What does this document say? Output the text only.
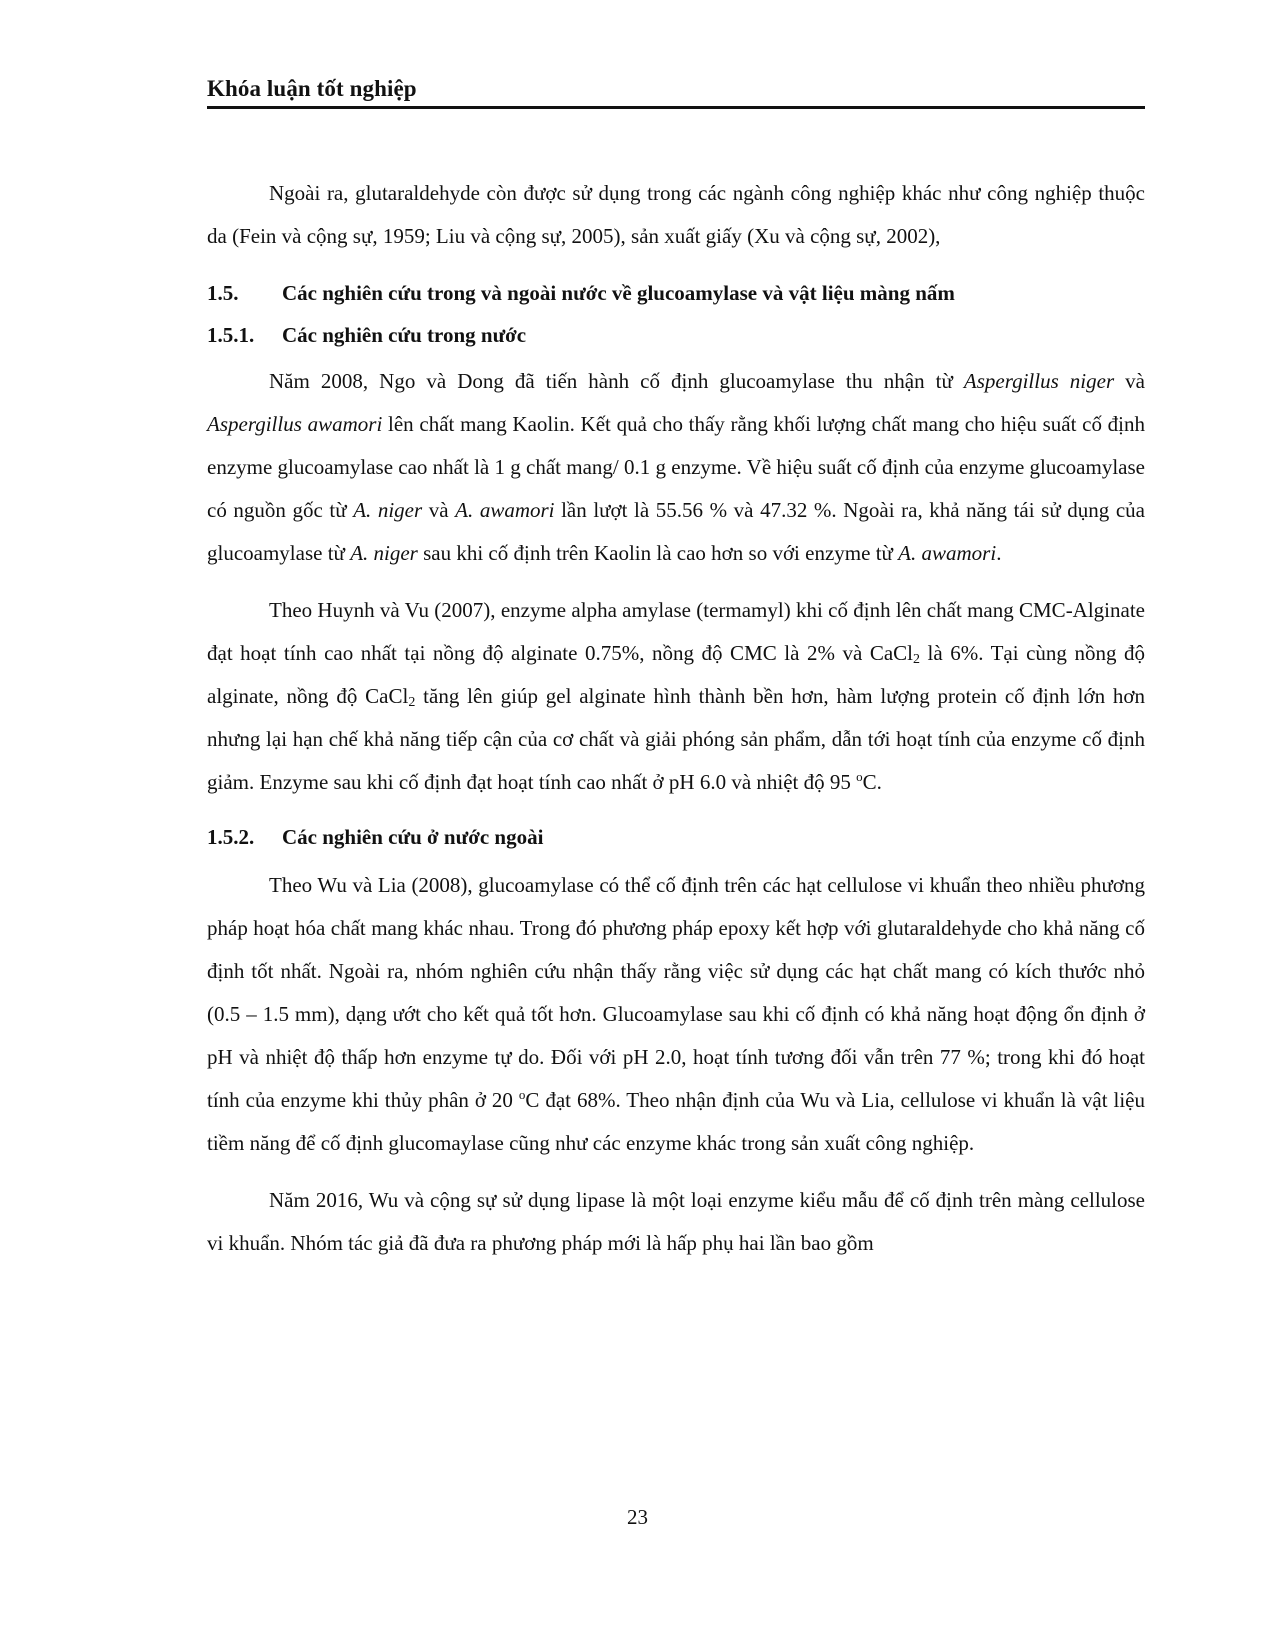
Khóa luận tốt nghiệp

Ngoài ra, glutaraldehyde còn được sử dụng trong các ngành công nghiệp khác như công nghiệp thuộc da (Fein và cộng sự, 1959; Liu và cộng sự, 2005), sản xuất giấy (Xu và cộng sự, 2002),

1.5.	Các nghiên cứu trong và ngoài nước về glucoamylase và vật liệu màng nấm
1.5.1.	Các nghiên cứu trong nước

Năm 2008, Ngo và Dong đã tiến hành cố định glucoamylase thu nhận từ Aspergillus niger và Aspergillus awamori lên chất mang Kaolin. Kết quả cho thấy rằng khối lượng chất mang cho hiệu suất cố định enzyme glucoamylase cao nhất là 1 g chất mang/ 0.1 g enzyme. Về hiệu suất cố định của enzyme glucoamylase có nguồn gốc từ A. niger và A. awamori lần lượt là 55.56 % và 47.32 %. Ngoài ra, khả năng tái sử dụng của glucoamylase từ A. niger sau khi cố định trên Kaolin là cao hơn so với enzyme từ A. awamori.

Theo Huynh và Vu (2007), enzyme alpha amylase (termamyl) khi cố định lên chất mang CMC-Alginate đạt hoạt tính cao nhất tại nồng độ alginate 0.75%, nồng độ CMC là 2% và CaCl$_2$ là 6%. Tại cùng nồng độ alginate, nồng độ CaCl$_2$ tăng lên giúp gel alginate hình thành bền hơn, hàm lượng protein cố định lớn hơn nhưng lại hạn chế khả năng tiếp cận của cơ chất và giải phóng sản phẩm, dẫn tới hoạt tính của enzyme cố định giảm. Enzyme sau khi cố định đạt hoạt tính cao nhất ở pH 6.0 và nhiệt độ 95 $^o$C.

1.5.2.	Các nghiên cứu ở nước ngoài

Theo Wu và Lia (2008), glucoamylase có thể cố định trên các hạt cellulose vi khuẩn theo nhiều phương pháp hoạt hóa chất mang khác nhau. Trong đó phương pháp epoxy kết hợp với glutaraldehyde cho khả năng cố định tốt nhất. Ngoài ra, nhóm nghiên cứu nhận thấy rằng việc sử dụng các hạt chất mang có kích thước nhỏ (0.5 – 1.5 mm), dạng ướt cho kết quả tốt hơn. Glucoamylase sau khi cố định có khả năng hoạt động ổn định ở pH và nhiệt độ thấp hơn enzyme tự do. Đối với pH 2.0, hoạt tính tương đối vẫn trên 77 %; trong khi đó hoạt tính của enzyme khi thủy phân ở 20 $^o$C đạt 68%. Theo nhận định của Wu và Lia, cellulose vi khuẩn là vật liệu tiềm năng để cố định glucomaylase cũng như các enzyme khác trong sản xuất công nghiệp.

Năm 2016, Wu và cộng sự sử dụng lipase là một loại enzyme kiểu mẫu để cố định trên màng cellulose vi khuẩn. Nhóm tác giả đã đưa ra phương pháp mới là hấp phụ hai lần bao gồm

23
